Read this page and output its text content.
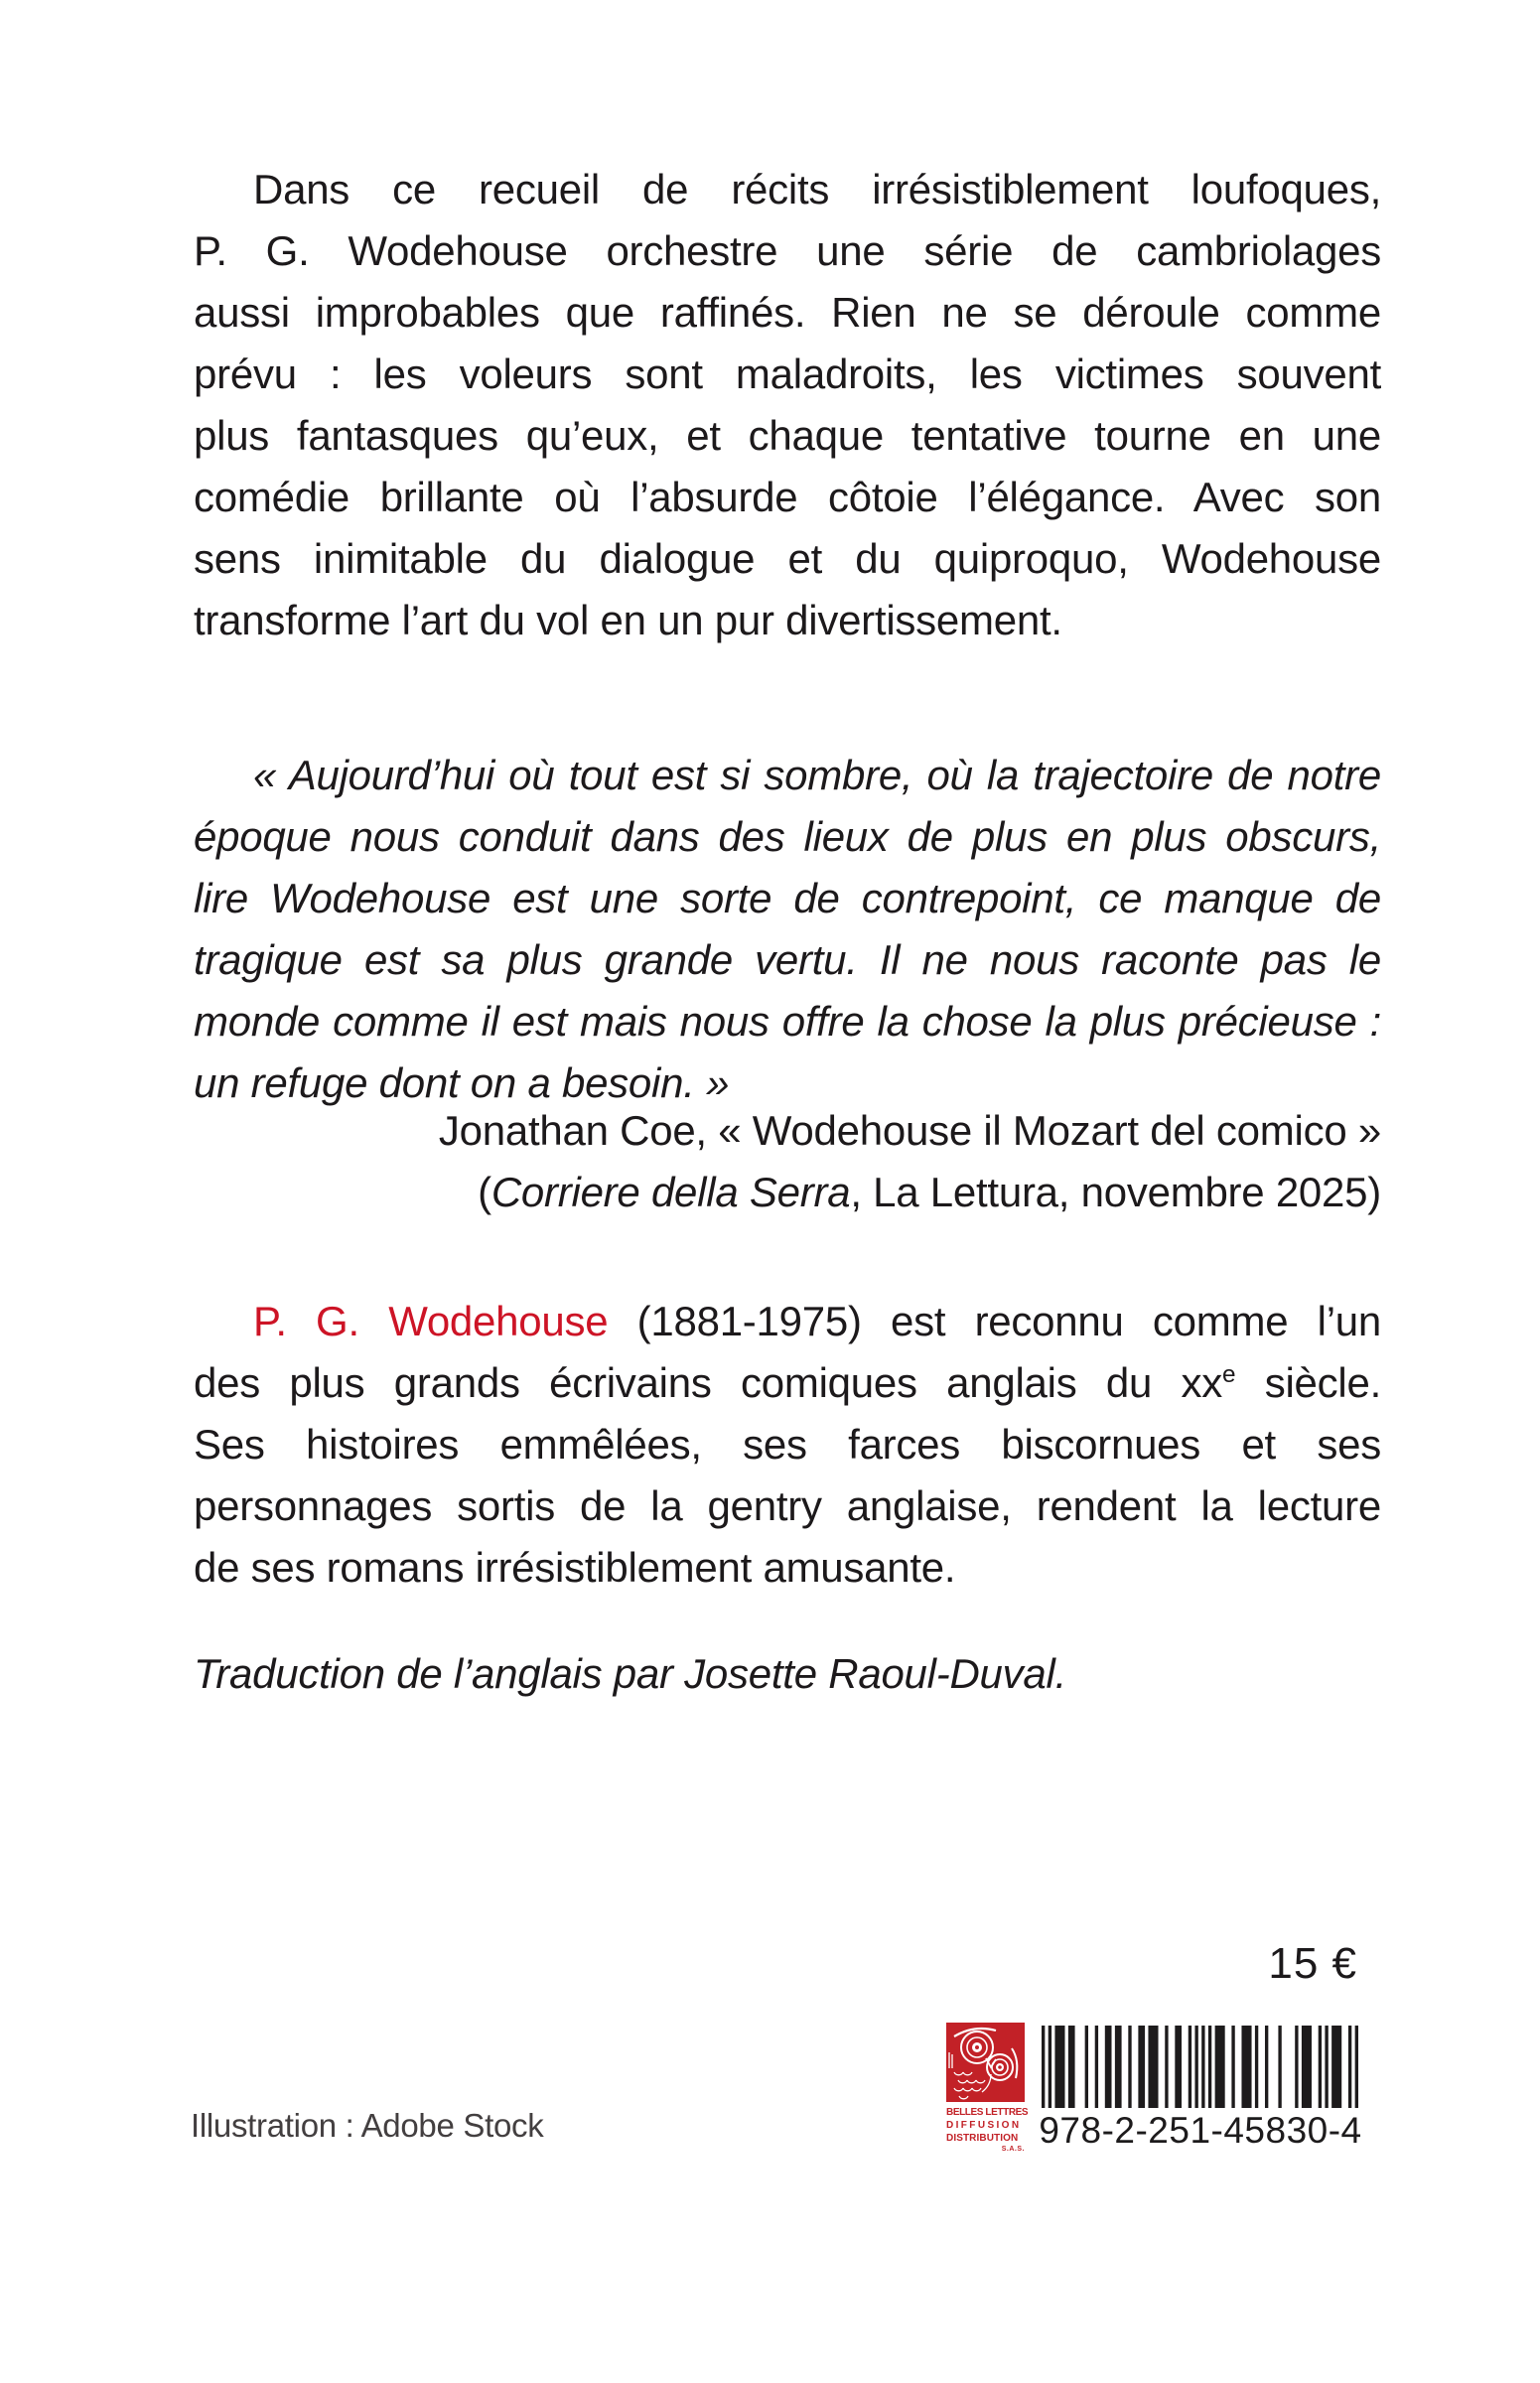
Dans ce recueil de récits irrésistiblement loufoques,
P. G. Wodehouse orchestre une série de cambriolages
aussi improbables que raffinés. Rien ne se déroule comme
prévu : les voleurs sont maladroits, les victimes souvent
plus fantasques qu’eux, et chaque tentative tourne en une
comédie brillante où l’absurde côtoie l’élégance. Avec son
sens inimitable du dialogue et du quiproquo, Wodehouse
transforme l’art du vol en un pur divertissement.
« Aujourd’hui où tout est si sombre, où la trajectoire de notre
époque nous conduit dans des lieux de plus en plus obscurs,
lire Wodehouse est une sorte de contrepoint, ce manque de
tragique est sa plus grande vertu. Il ne nous raconte pas le
monde comme il est mais nous offre la chose la plus précieuse :
un refuge dont on a besoin. »
Jonathan Coe, « Wodehouse il Mozart del comico »
(Corriere della Serra, La Lettura, novembre 2025)
P. G. Wodehouse (1881-1975) est reconnu comme l’un
des plus grands écrivains comiques anglais du $xx^e$ siècle.
Ses histoires emmêlées, ses farces biscornues et ses
personnages sortis de la gentry anglaise, rendent la lecture
de ses romans irrésistiblement amusante.
Traduction de l’anglais par Josette Raoul-Duval.
15 €
Illustration : Adobe Stock	BELLES LETTRES
DIFFUSION
DISTRIBUTION
S.A.S. 978-2-251-45830-4
